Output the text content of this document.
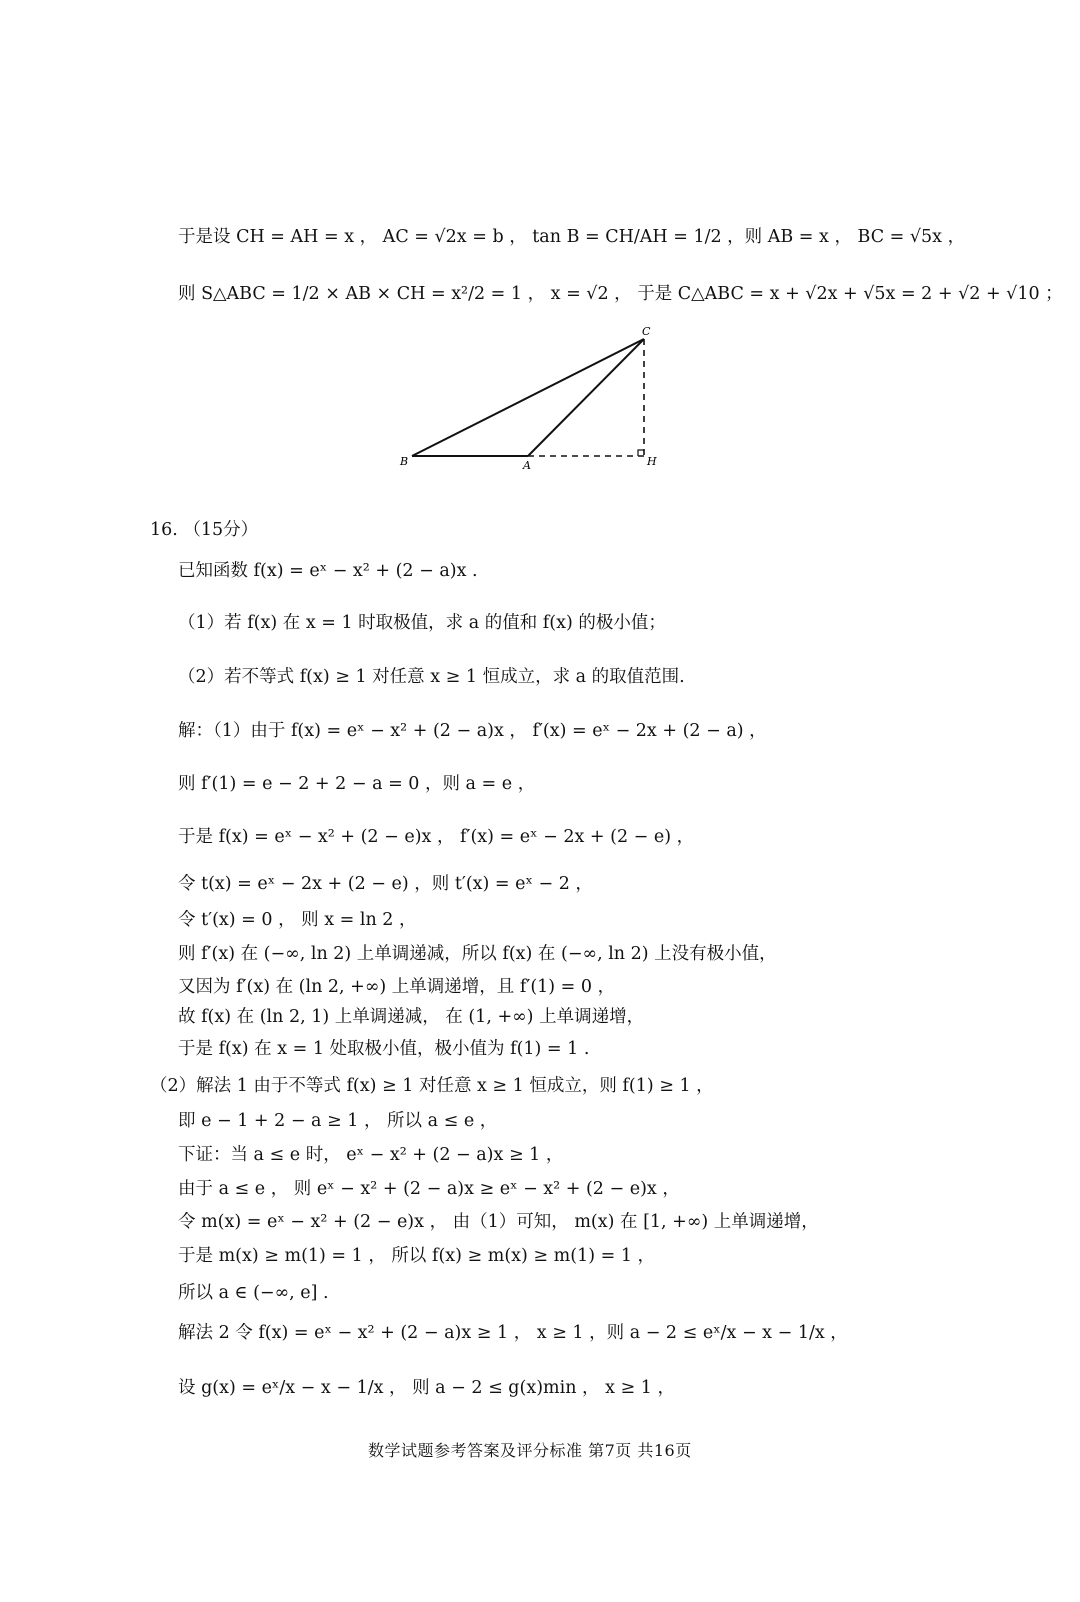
于是设 CH = AH = x ， AC = √2x = b ， tan B = CH/AH = 1/2 ，则 AB = x ， BC = √5x ，
则 S△ABC = 1/2 × AB × CH = x²/2 = 1 ， x = √2 ， 于是 C△ABC = x + √2x + √5x = 2 + √2 + √10 ；
B	A
C
H
16. （15分）
已知函数 f(x) = eˣ − x² + (2 − a)x .
（1）若 f(x) 在 x = 1 时取极值，求 a 的值和 f(x) 的极小值；
（2）若不等式 f(x) ≥ 1 对任意 x ≥ 1 恒成立，求 a 的取值范围.
解：（1）由于 f(x) = eˣ − x² + (2 − a)x ， f′(x) = eˣ − 2x + (2 − a) ，
则 f′(1) = e − 2 + 2 − a = 0 ，则 a = e ，
于是 f(x) = eˣ − x² + (2 − e)x ， f′(x) = eˣ − 2x + (2 − e) ，
令 t(x) = eˣ − 2x + (2 − e) ，则 t′(x) = eˣ − 2 ，
令 t′(x) = 0 ， 则 x = ln 2 ，
则 f′(x) 在 (−∞, ln 2) 上单调递减，所以 f(x) 在 (−∞, ln 2) 上没有极小值，
又因为 f′(x) 在 (ln 2, +∞) 上单调递增，且 f′(1) = 0 ，
故 f(x) 在 (ln 2, 1) 上单调递减， 在 (1, +∞) 上单调递增，
于是 f(x) 在 x = 1 处取极小值，极小值为 f(1) = 1 .
（2）解法 1 由于不等式 f(x) ≥ 1 对任意 x ≥ 1 恒成立，则 f(1) ≥ 1 ，
即 e − 1 + 2 − a ≥ 1 ， 所以 a ≤ e ，
下证：当 a ≤ e 时， eˣ − x² + (2 − a)x ≥ 1 ，
由于 a ≤ e ， 则 eˣ − x² + (2 − a)x ≥ eˣ − x² + (2 − e)x ，
令 m(x) = eˣ − x² + (2 − e)x ， 由（1）可知， m(x) 在 [1, +∞) 上单调递增，
于是 m(x) ≥ m(1) = 1 ， 所以 f(x) ≥ m(x) ≥ m(1) = 1 ，
所以 a ∈ (−∞, e] .
解法 2 令 f(x) = eˣ − x² + (2 − a)x ≥ 1 ， x ≥ 1 ，则 a − 2 ≤ eˣ/x − x − 1/x ，
设 g(x) = eˣ/x − x − 1/x ， 则 a − 2 ≤ g(x)min ， x ≥ 1 ，
数学试题参考答案及评分标准 第7页 共16页
